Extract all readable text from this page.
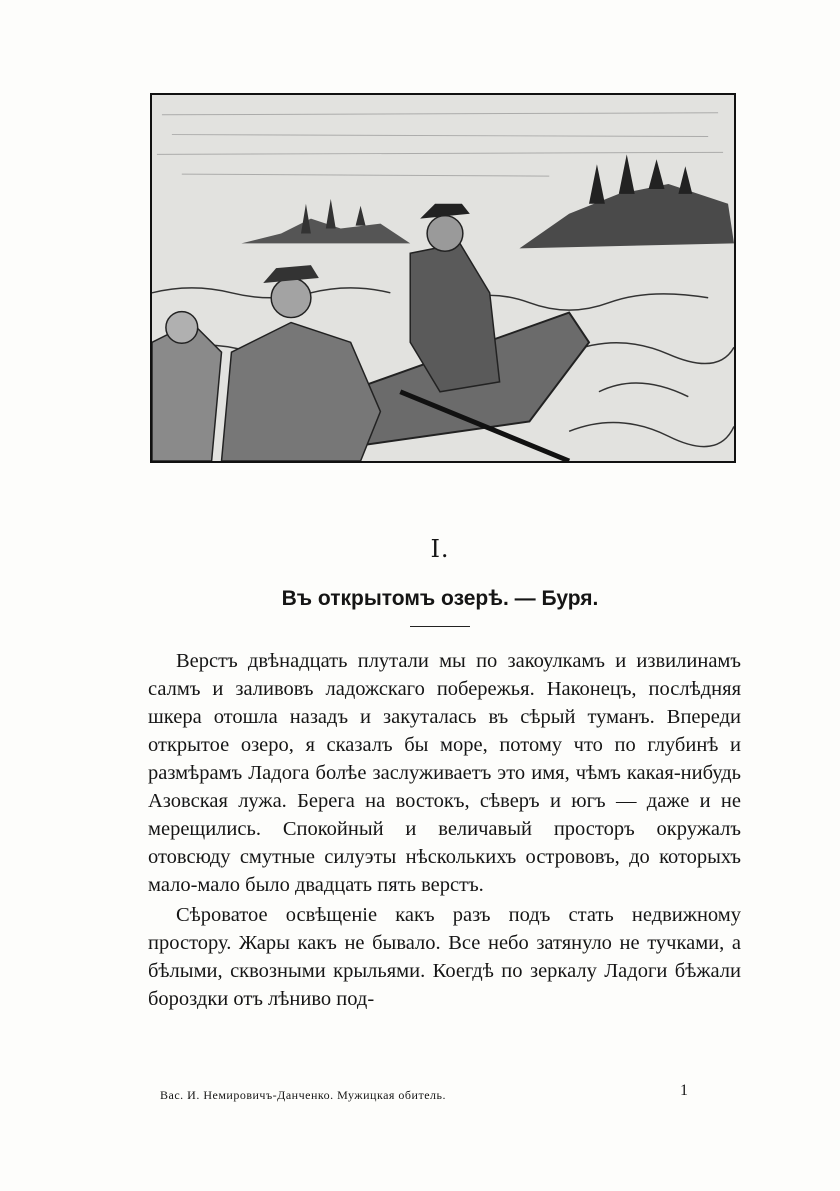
I.
Въ открытомъ озерѣ. — Буря.

Верстъ двѣнадцать плутали мы по закоулкамъ и извилинамъ салмъ и заливовъ ладожскаго побережья. Наконецъ, послѣдняя шкера отошла назадъ и закуталась въ сѣрый туманъ. Впереди открытое озеро, я сказалъ бы море, потому что по глубинѣ и размѣрамъ Ладога болѣе заслуживаетъ это имя, чѣмъ какая-нибудь Азовская лужа. Берега на востокъ, сѣверъ и югъ — даже и не мерещились. Спокойный и величавый просторъ окружалъ отовсюду смутные силуэты нѣсколькихъ острововъ, до которыхъ мало-мало было двадцать пять верстъ.

Сѣроватое освѣщеніе какъ разъ подъ стать недвижному простору. Жары какъ не бывало. Все небо затянуло не тучками, а бѣлыми, сквозными крыльями. Коегдѣ по зеркалу Ладоги бѣжали бороздки отъ лѣниво под-

Вас. И. Немировичъ-Данченко. Мужицкая обитель.	1
